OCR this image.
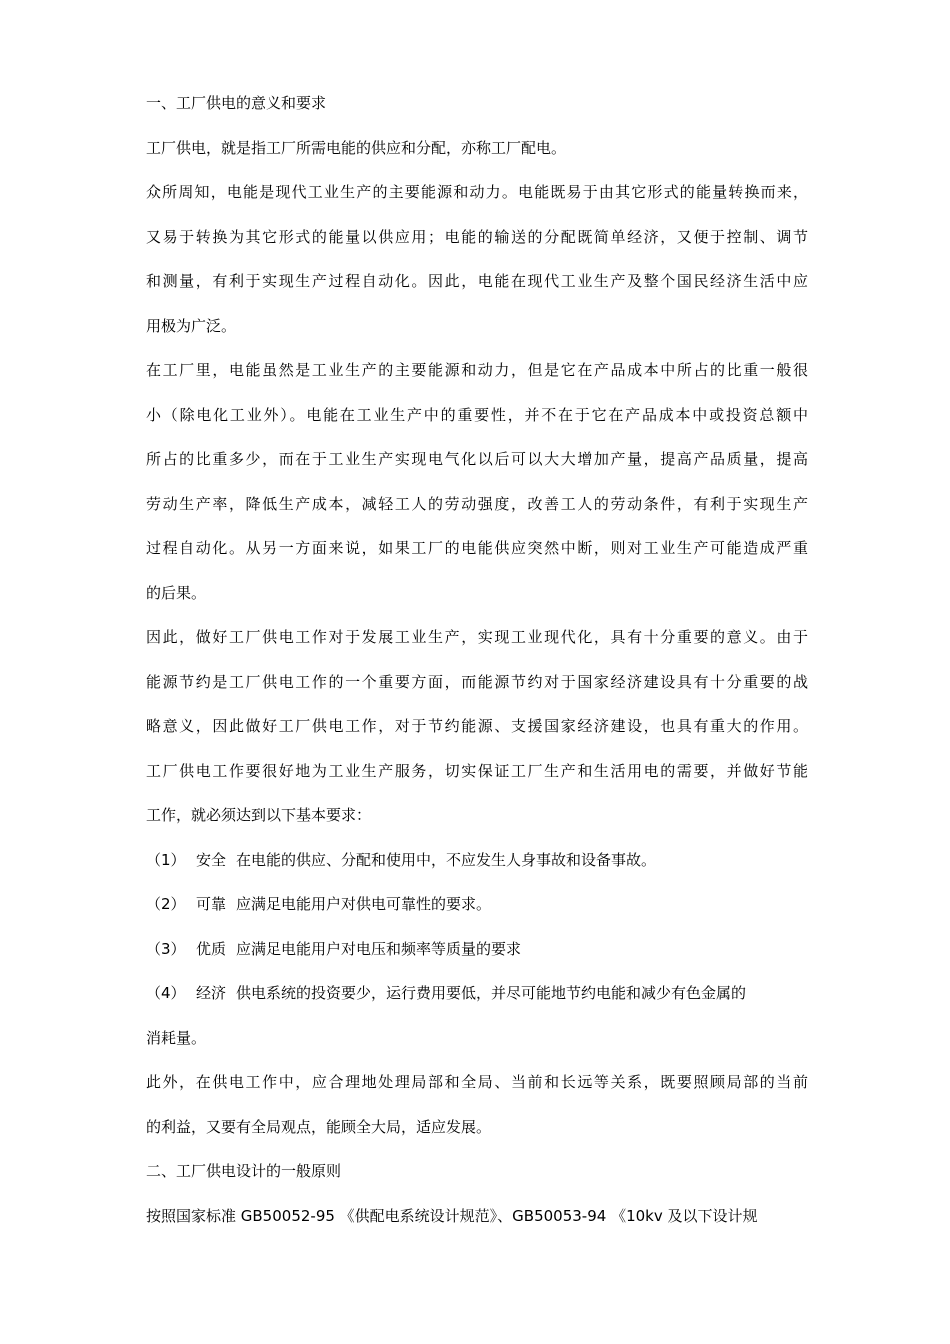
一、工厂供电的意义和要求
工厂供电，就是指工厂所需电能的供应和分配，亦称工厂配电。
众所周知，电能是现代工业生产的主要能源和动力。电能既易于由其它形式的能量转换而来，
又易于转换为其它形式的能量以供应用；电能的输送的分配既简单经济，又便于控制、调节
和测量，有利于实现生产过程自动化。因此，电能在现代工业生产及整个国民经济生活中应
用极为广泛。
在工厂里，电能虽然是工业生产的主要能源和动力，但是它在产品成本中所占的比重一般很
小（除电化工业外）。电能在工业生产中的重要性，并不在于它在产品成本中或投资总额中
所占的比重多少，而在于工业生产实现电气化以后可以大大增加产量，提高产品质量，提高
劳动生产率，降低生产成本，减轻工人的劳动强度，改善工人的劳动条件，有利于实现生产
过程自动化。从另一方面来说，如果工厂的电能供应突然中断，则对工业生产可能造成严重
的后果。
因此，做好工厂供电工作对于发展工业生产，实现工业现代化，具有十分重要的意义。由于
能源节约是工厂供电工作的一个重要方面，而能源节约对于国家经济建设具有十分重要的战
略意义，因此做好工厂供电工作，对于节约能源、支援国家经济建设，也具有重大的作用。
工厂供电工作要很好地为工业生产服务，切实保证工厂生产和生活用电的需要，并做好节能
工作，就必须达到以下基本要求：
（1） 安全 在电能的供应、分配和使用中，不应发生人身事故和设备事故。
（2） 可靠 应满足电能用户对供电可靠性的要求。
（3） 优质 应满足电能用户对电压和频率等质量的要求
（4） 经济 供电系统的投资要少，运行费用要低，并尽可能地节约电能和减少有色金属的
消耗量。
此外，在供电工作中，应合理地处理局部和全局、当前和长远等关系，既要照顾局部的当前
的利益，又要有全局观点，能顾全大局，适应发展。
二、工厂供电设计的一般原则
按照国家标准 GB50052-95 《供配电系统设计规范》、GB50053-94 《10kv 及以下设计规
